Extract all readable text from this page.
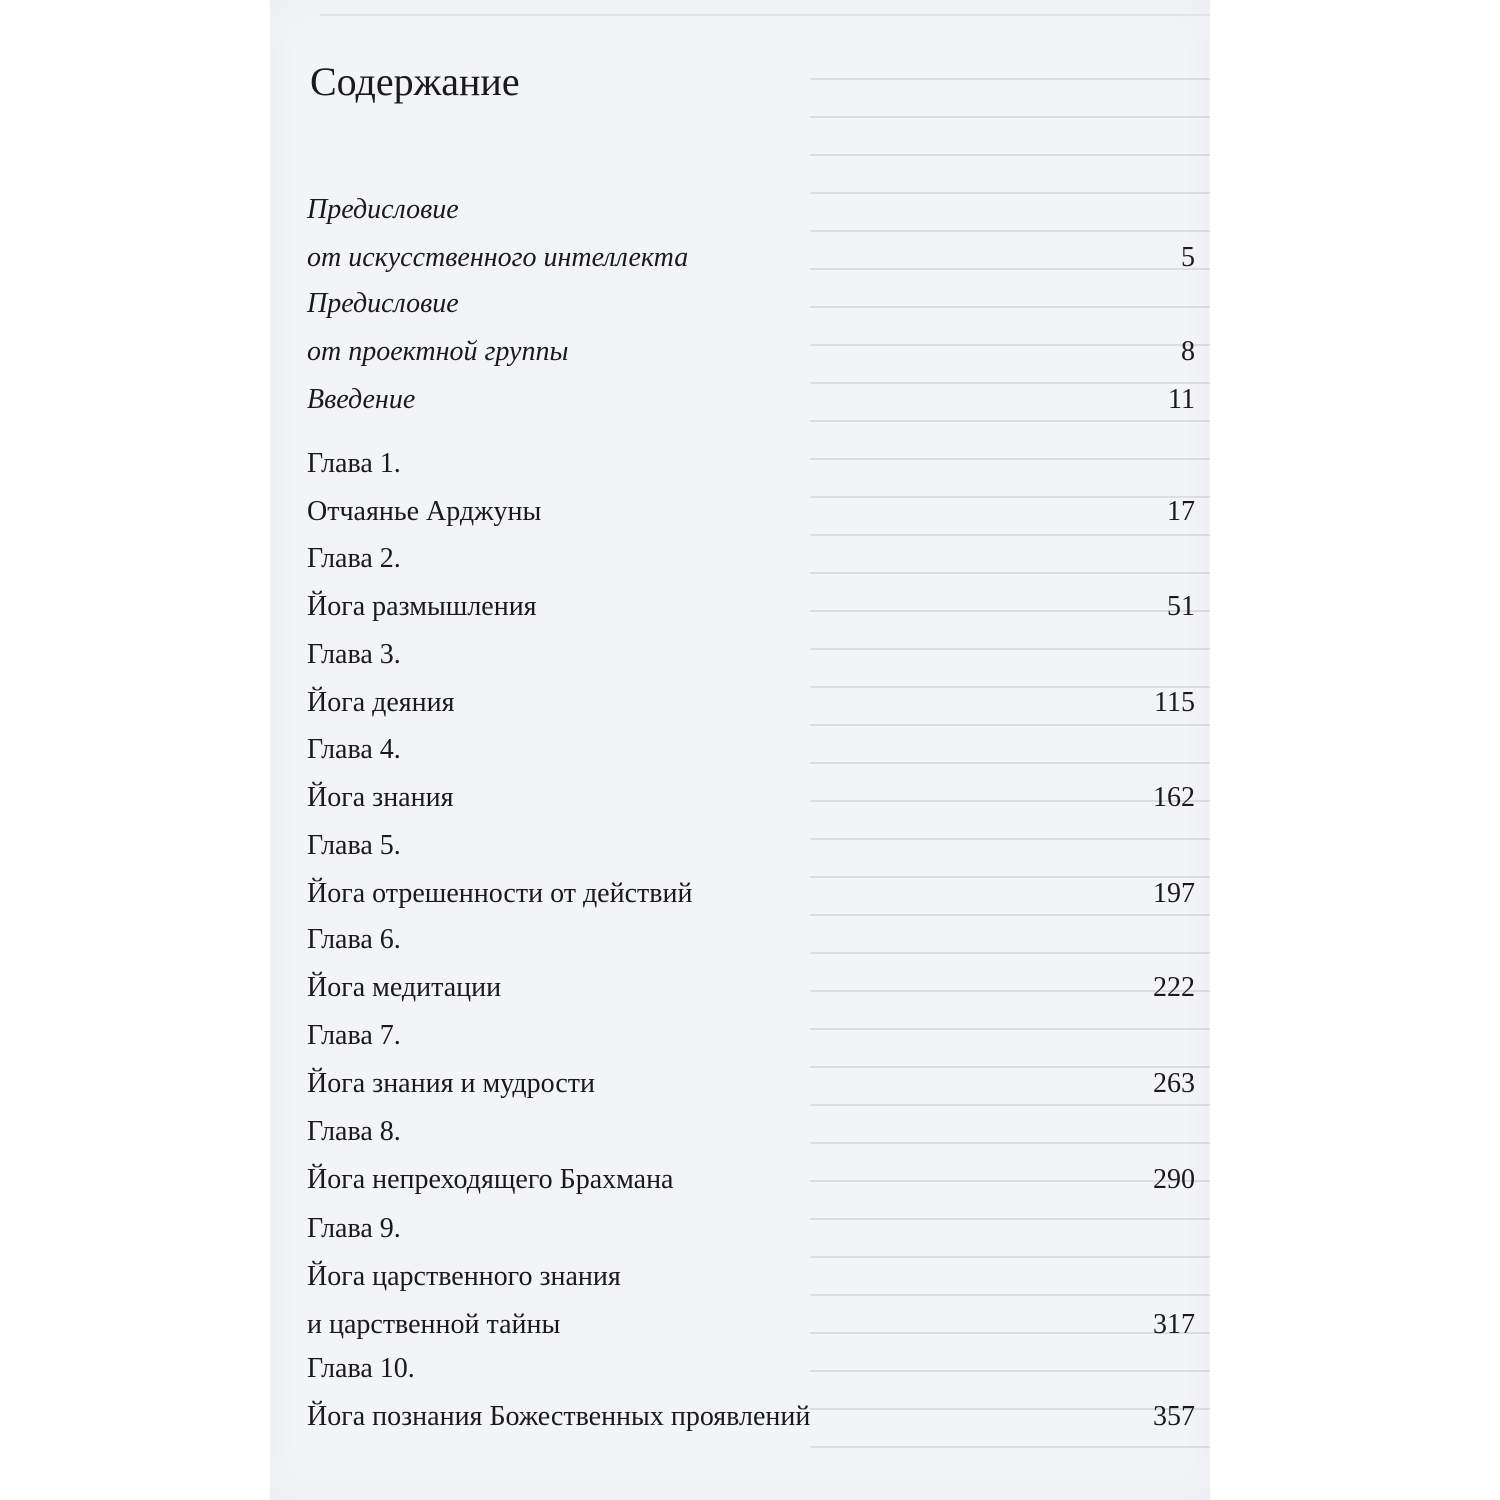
Содержание
Предисловие
от искусственного интеллекта	5
Предисловие
от проектной группы	8
Введение	11
Глава 1.
Отчаянье Арджуны	17
Глава 2.
Йога размышления	51
Глава 3.
Йога деяния	115
Глава 4.
Йога знания	162
Глава 5.
Йога отрешенности от действий	197
Глава 6.
Йога медитации	222
Глава 7.
Йога знания и мудрости	263
Глава 8.
Йога непреходящего Брахмана	290
Глава 9.
Йога царственного знания
и царственной тайны	317
Глава 10.
Йога познания Божественных проявлений	357
